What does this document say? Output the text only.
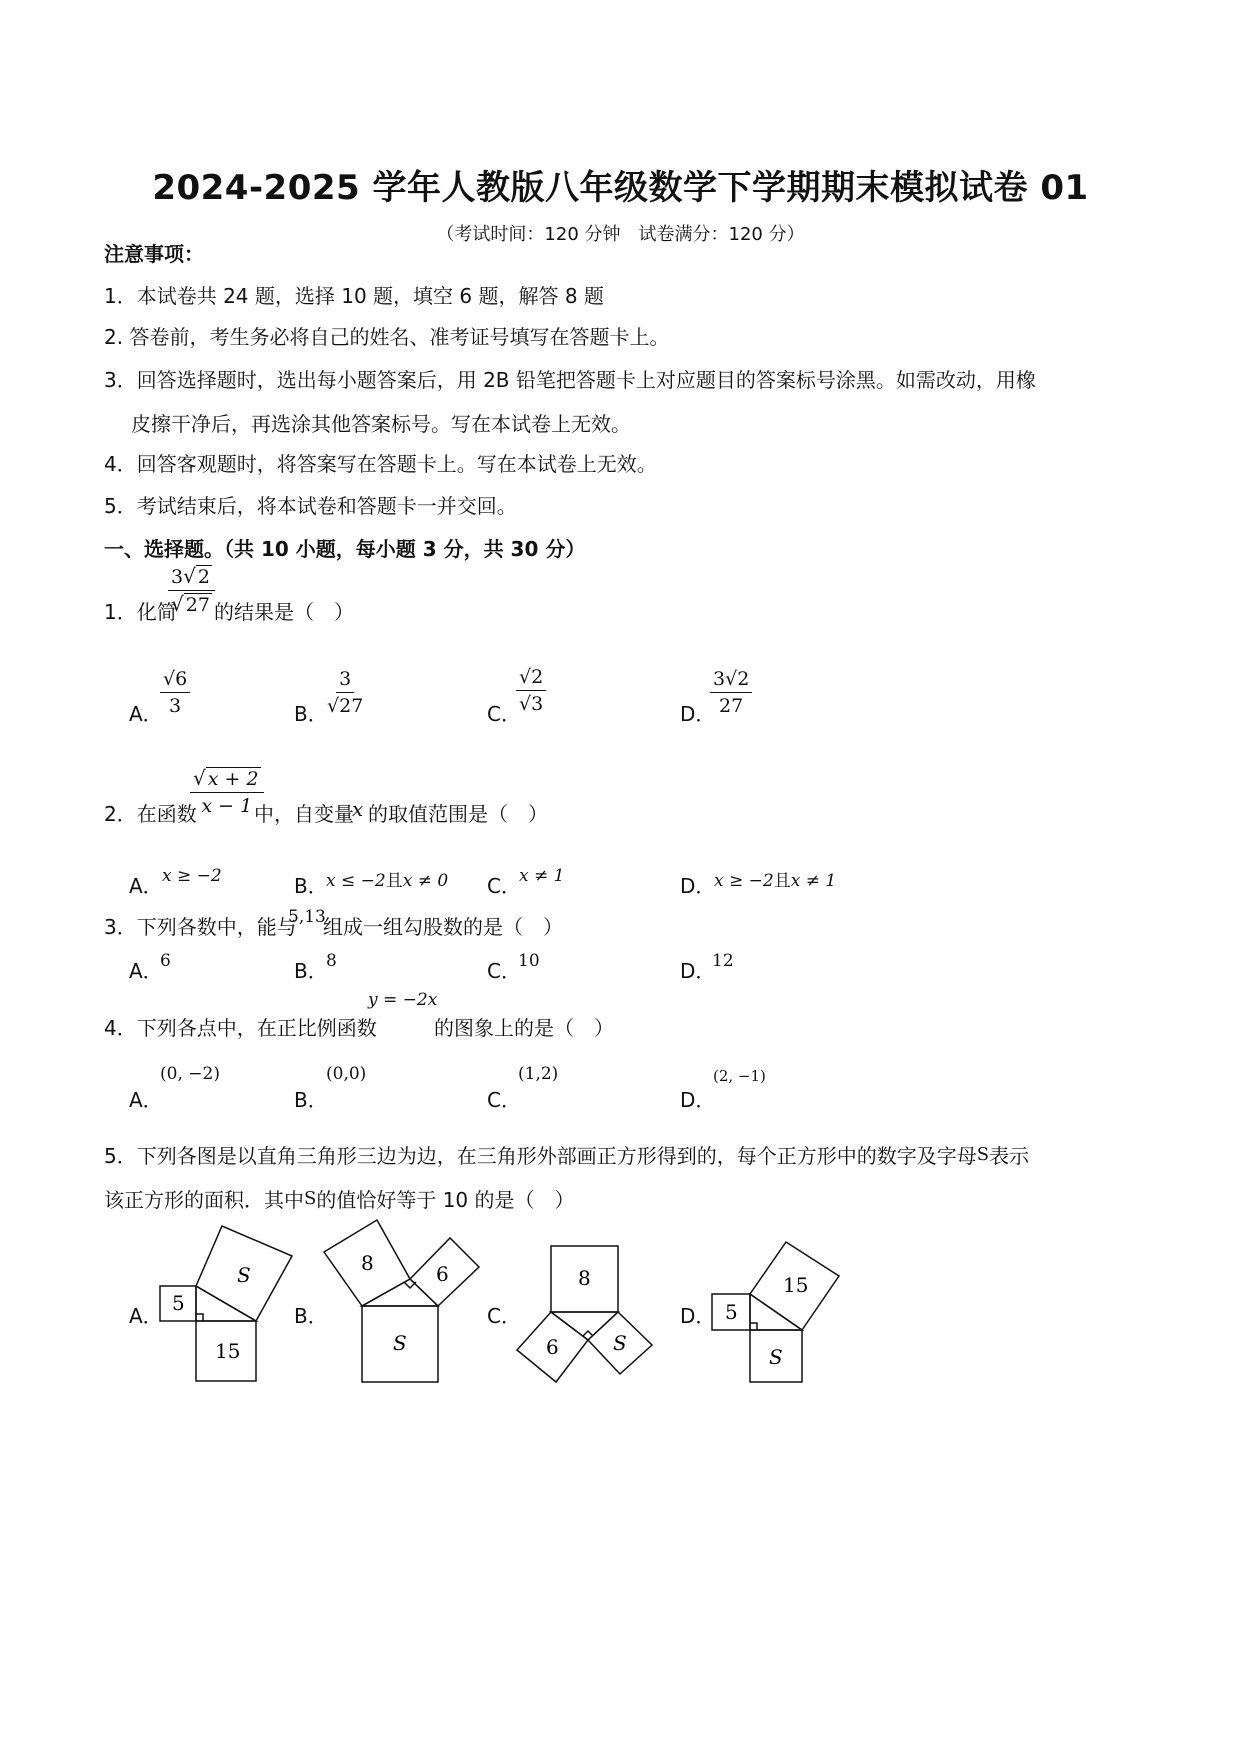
2024-2025 学年人教版八年级数学下学期期末模拟试卷 01
（考试时间：120 分钟　试卷满分：120 分）
注意事项：
1．本试卷共 24 题，选择 10 题，填空 6 题，解答 8 题
2. 答卷前，考生务必将自己的姓名、准考证号填写在答题卡上。
3．回答选择题时，选出每小题答案后，用 2B 铅笔把答题卡上对应题目的答案标号涂黑。如需改动，用橡
皮擦干净后，再选涂其他答案标号。写在本试卷上无效。
4．回答客观题时，将答案写在答题卡上。写在本试卷上无效。
5．考试结束后，将本试卷和答题卡一并交回。
一、选择题。（共 10 小题，每小题 3 分，共 30 分）
1．化简
$\frac{3√ 2}{√ 27}$ 的结果是（　）
A．
$\frac{√6}{3}$	B．
$\frac{3}{√27}$	C．
$\frac{√2}{√3}$	D．
$\frac{3√2}{27}$
2．在函数
$\frac{√ x + 2}{x - 1}$
中，自变量
x 的取值范围是（　）
A． x ≥ −2	B．
x ≤ −2且x ≠ 0 C．
x ≠ 1	D．
x ≥ −2且x ≠ 1
3．下列各数中，能与
5,13
组成一组勾股数的是（　）
A．
6	B．
8	C．
10	D．
12
4．下列各点中，在正比例函数
y = −2x
的图象上的是（　）
A．
(0, −2)
B．
(0,0)
C．
(1,2)
D．
(2, −1)
5．下列各图是以直角三角形三边为边，在三角形外部画正方形得到的，每个正方形中的数字及字母S表示
该正方形的面积．其中S的值恰好等于 10 的是（　）
A．	B．	C．	D．
5
S
15
8	6
S
8
6	S
5
15
S
